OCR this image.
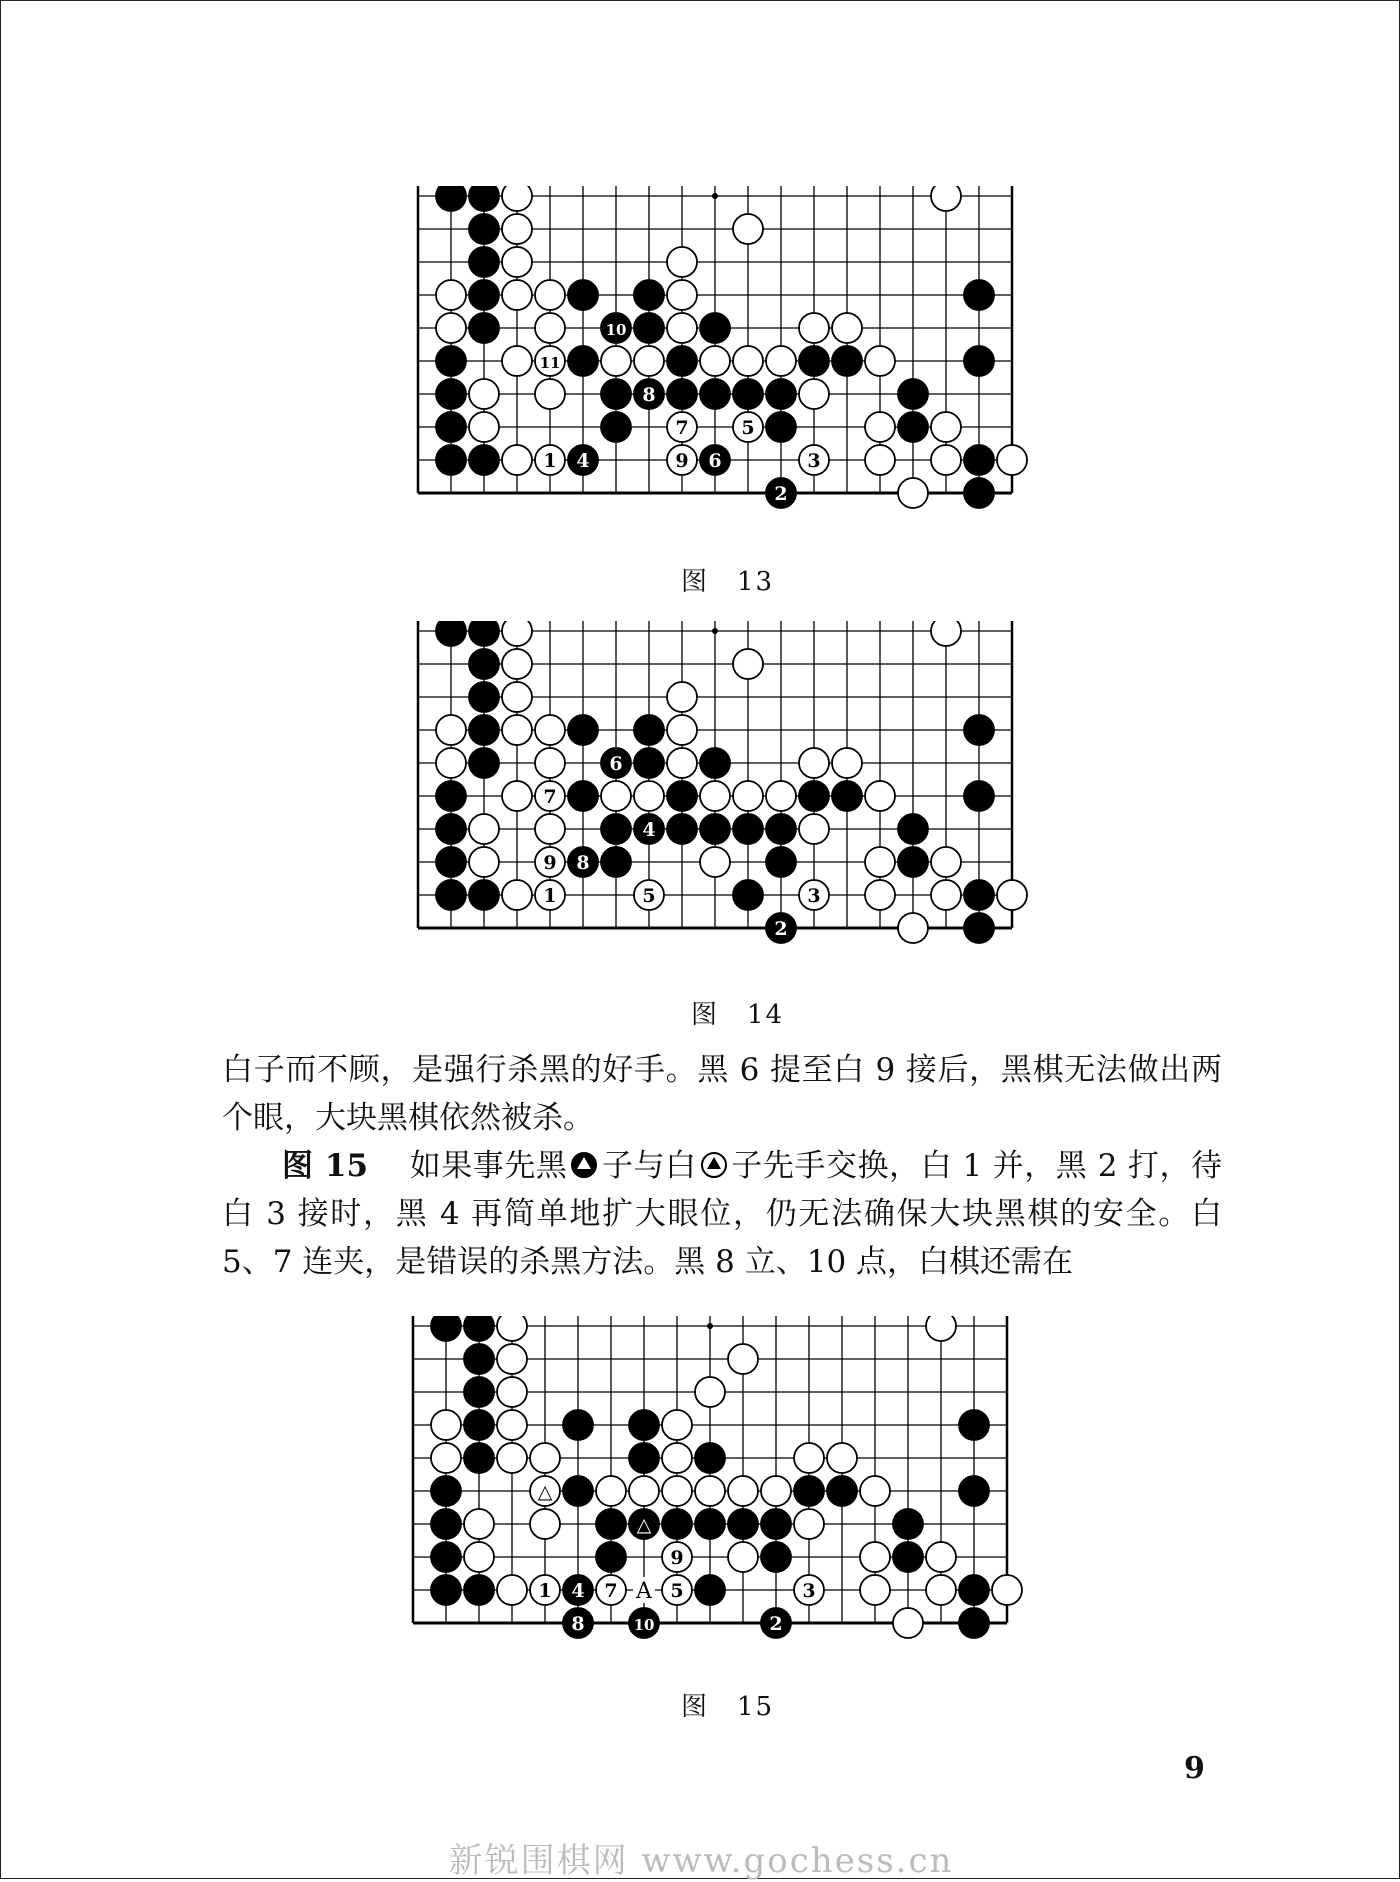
10
11
8
7	5
1 4	9 6	3
2
图 13
6
7
4
9 8
1	5	3
2
图 14

白子而不顾，是强行杀黑的好手。黑 6 提至白 9 接后，黑棋无法做出两个眼，大块黑棋依然被杀。

图 15 如果事先黑 子与白 子先手交换，白 1 并，黑 2 打，待白 3 接时，黑 4 再简单地扩大眼位，仍无法确保大块黑棋的安全。白 5、7 连夹，是错误的杀黑方法。黑 8 立、10 点，白棋还需在

△
△
9	6
1 4 7	5	3
8	10	2
A
图 15
9
新锐围棋网 www.gochess.cn
